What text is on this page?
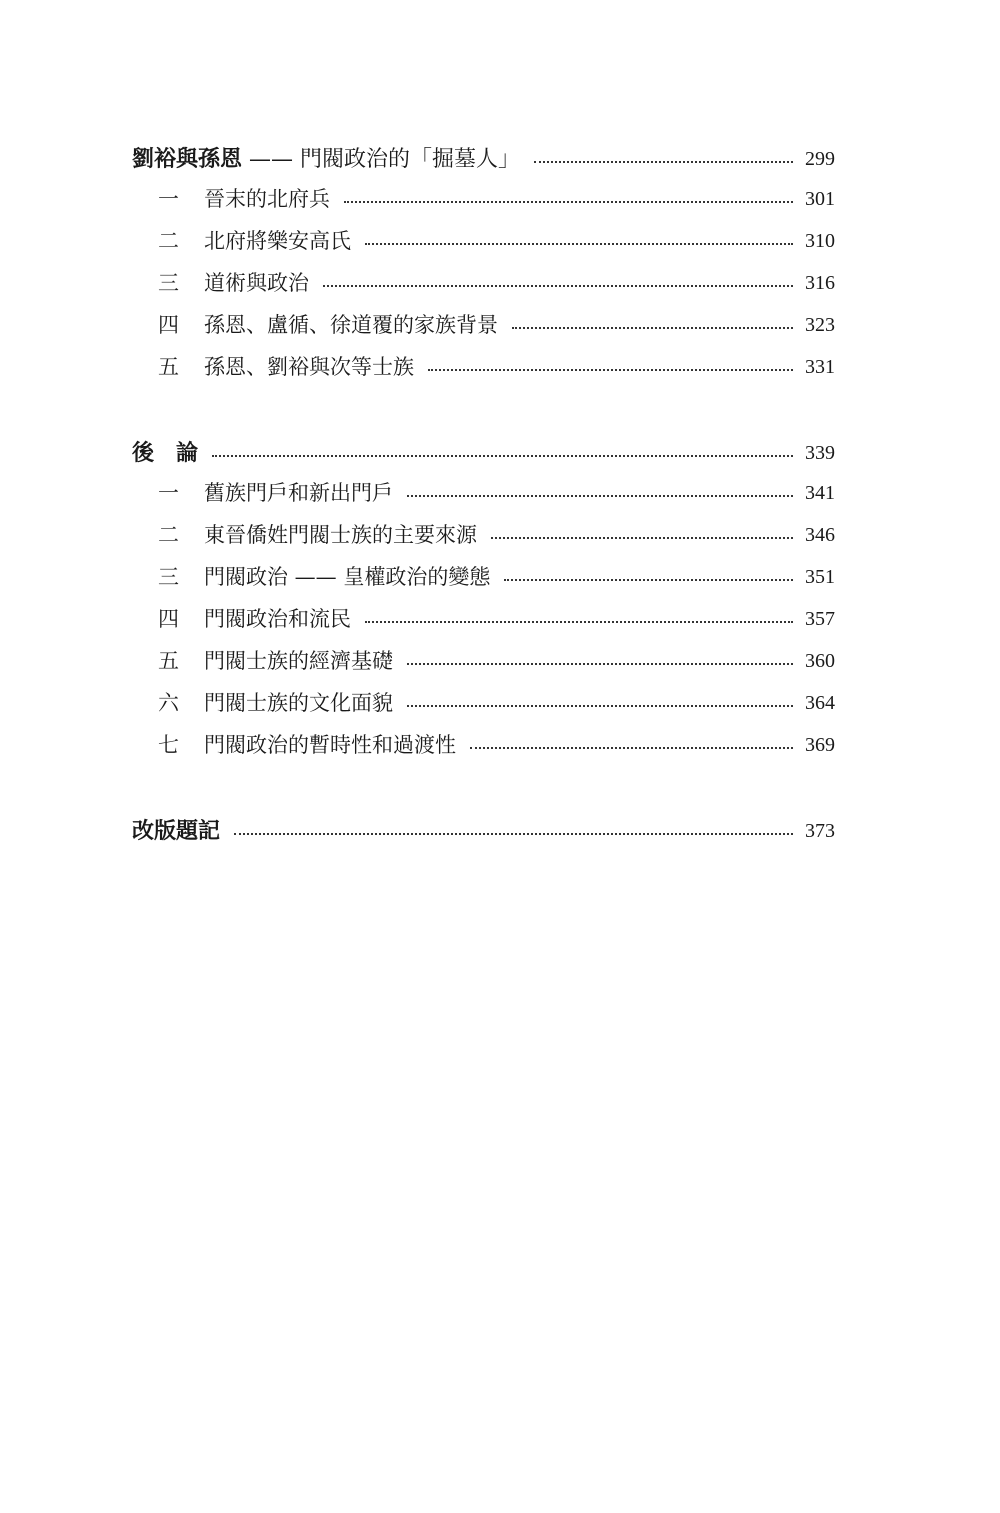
劉裕與孫恩 —— 門閥政治的「掘墓人」	299
一	晉末的北府兵	301
二	北府將樂安高氏	310
三	道術與政治	316
四	孫恩、盧循、徐道覆的家族背景	323
五	孫恩、劉裕與次等士族	331
後 論	339
一	舊族門戶和新出門戶	341
二	東晉僑姓門閥士族的主要來源	346
三	門閥政治 —— 皇權政治的變態	351
四	門閥政治和流民	357
五	門閥士族的經濟基礎	360
六	門閥士族的文化面貌	364
七	門閥政治的暫時性和過渡性	369
改版題記	373
